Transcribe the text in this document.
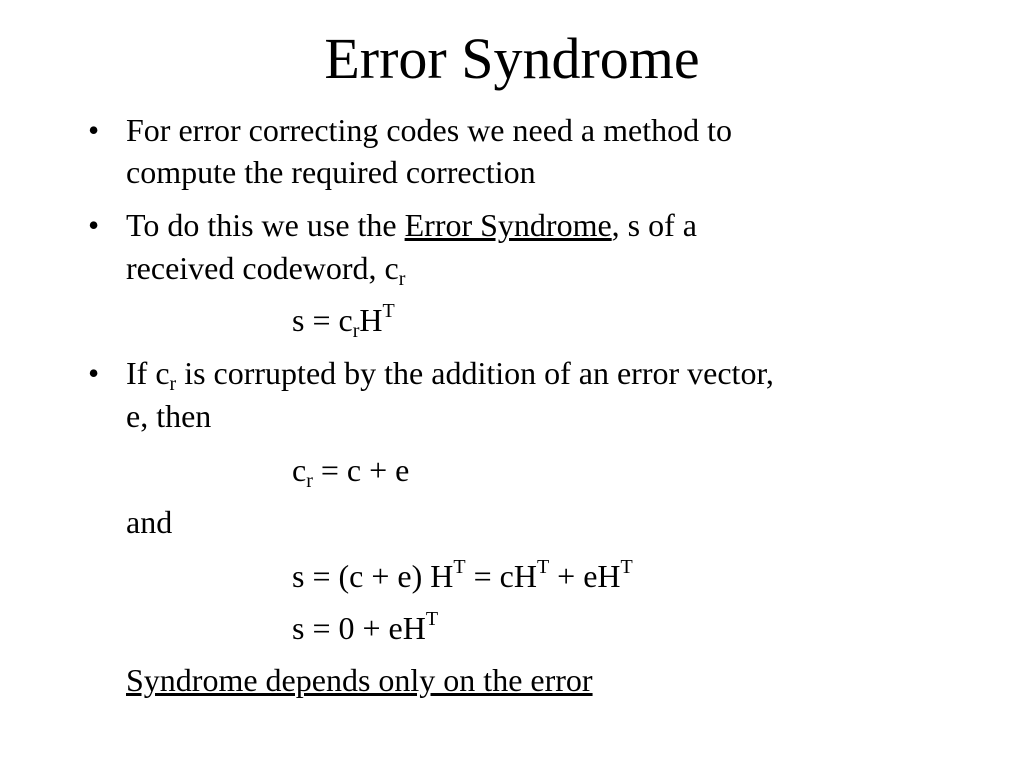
Error Syndrome
• For error correcting codes we need a method to
compute the required correction
• To do this we use the Error Syndrome, s of a
received codeword, $c_r$
$s = c_rH^T$
• If $c_r$ is corrupted by the addition of an error vector,
e, then
$c_r = c + e$
and
s = (c + e) $H^T = cH^T + eH^T$
$s = 0 + eH^T$
Syndrome depends only on the error
